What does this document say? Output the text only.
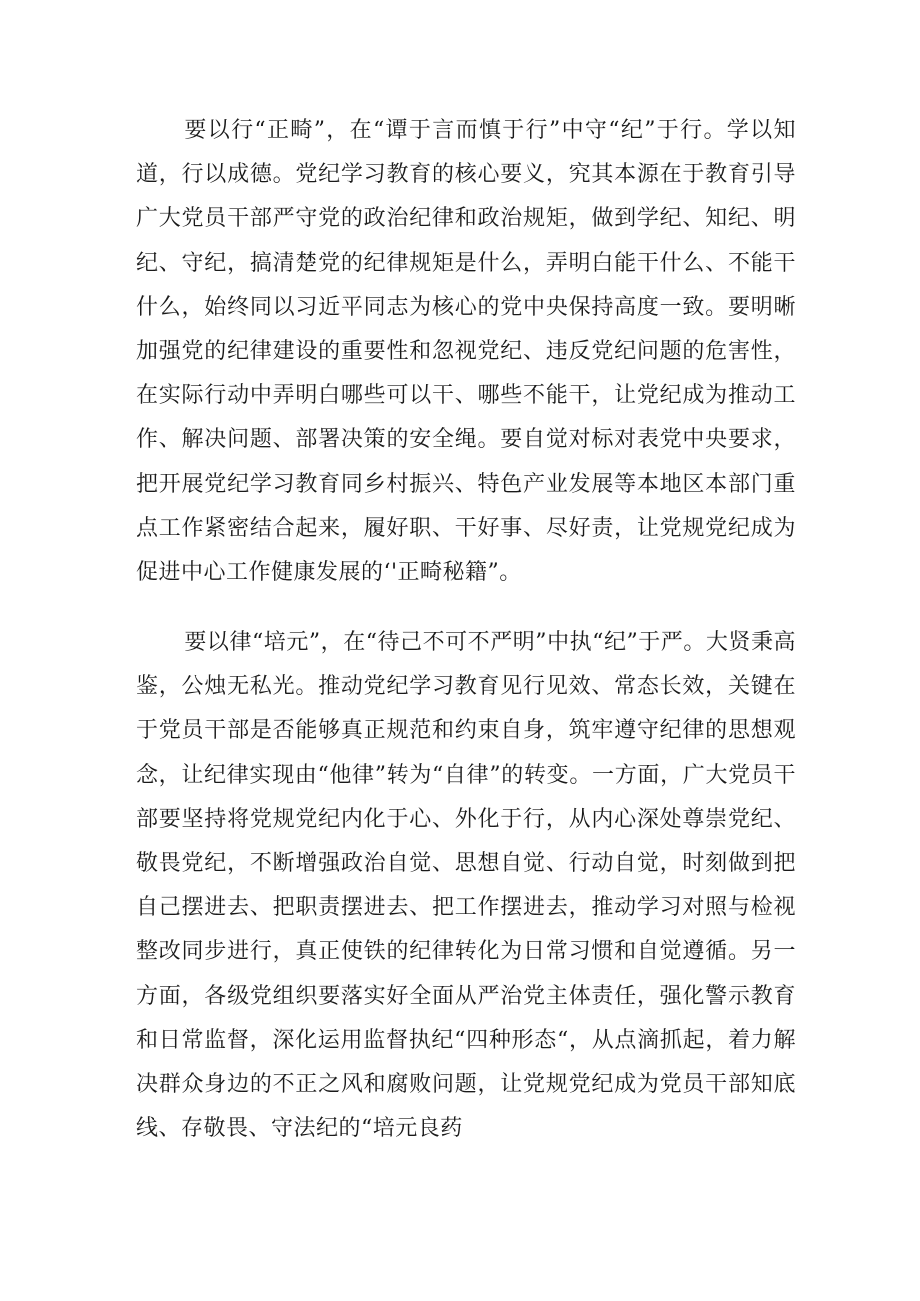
要以行“正畸”，在“谭于言而慎于行”中守“纪”于行。学以知道，行以成德。党纪学习教育的核心要义，究其本源在于教育引导广大党员干部严守党的政治纪律和政治规矩，做到学纪、知纪、明纪、守纪，搞清楚党的纪律规矩是什么，弄明白能干什么、不能干什么，始终同以习近平同志为核心的党中央保持高度一致。要明晰加强党的纪律建设的重要性和忽视党纪、违反党纪问题的危害性，在实际行动中弄明白哪些可以干、哪些不能干，让党纪成为推动工作、解决问题、部署决策的安全绳。要自觉对标对表党中央要求，把开展党纪学习教育同乡村振兴、特色产业发展等本地区本部门重点工作紧密结合起来，履好职、干好事、尽好责，让党规党纪成为促进中心工作健康发展的‘'正畸秘籍”。

要以律“培元”，在“待己不可不严明”中执“纪”于严。大贤秉高鉴，公烛无私光。推动党纪学习教育见行见效、常态长效，关键在于党员干部是否能够真正规范和约束自身，筑牢遵守纪律的思想观念，让纪律实现由“他律”转为“自律”的转变。一方面，广大党员干部要坚持将党规党纪内化于心、外化于行，从内心深处尊崇党纪、敬畏党纪，不断增强政治自觉、思想自觉、行动自觉，时刻做到把自己摆进去、把职责摆进去、把工作摆进去，推动学习对照与检视整改同步进行，真正使铁的纪律转化为日常习惯和自觉遵循。另一方面，各级党组织要落实好全面从严治党主体责任，强化警示教育和日常监督，深化运用监督执纪“四种形态“，从点滴抓起，着力解决群众身边的不正之风和腐败问题，让党规党纪成为党员干部知底线、存敬畏、守法纪的“培元良药
